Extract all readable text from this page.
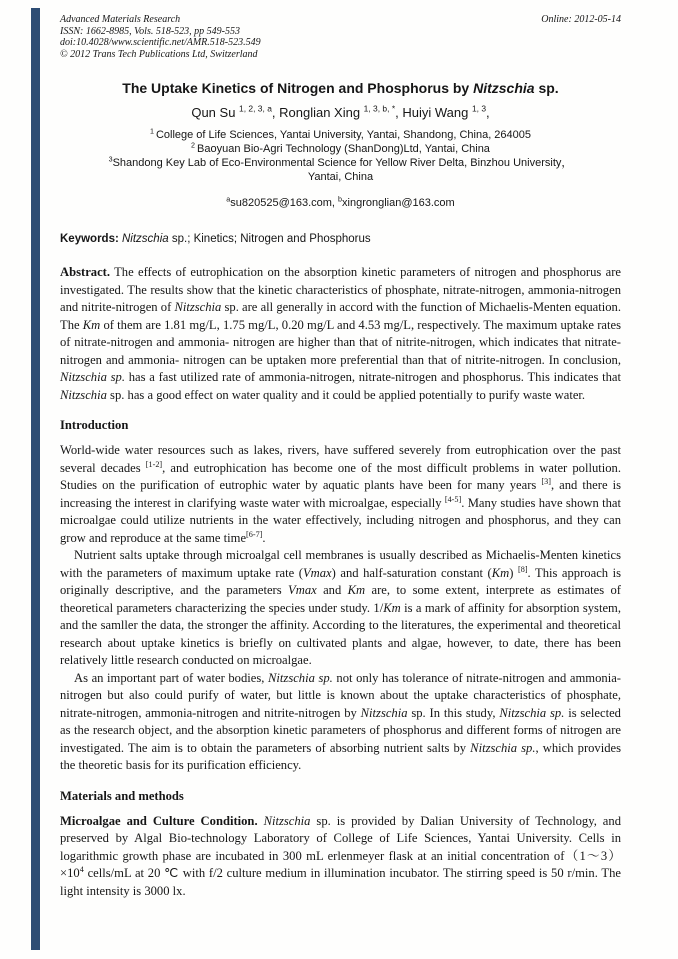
Advanced Materials Research
ISSN: 1662-8985, Vols. 518-523, pp 549-553
doi:10.4028/www.scientific.net/AMR.518-523.549
© 2012 Trans Tech Publications Ltd, Switzerland
Online: 2012-05-14
The Uptake Kinetics of Nitrogen and Phosphorus by Nitzschia sp.

Qun Su $^{1, 2, 3, a}$, Ronglian Xing $^{1, 3, b, *}$, Huiyi Wang $^{1, 3}$,

$^1$ College of Life Sciences, Yantai University, Yantai, Shandong, China, 264005

$^2$ Baoyuan Bio-Agri Technology (ShanDong)Ltd, Yantai, China

$^3$Shandong Key Lab of Eco-Environmental Science for Yellow River Delta, Binzhou University，
Yantai, China

$^a$su820525@163.com, $^b$xingronglian@163.com

Keywords: Nitzschia sp.; Kinetics; Nitrogen and Phosphorus

Abstract. The effects of eutrophication on the absorption kinetic parameters of nitrogen and phosphorus are investigated. The results show that the kinetic characteristics of phosphate, nitrate-nitrogen, ammonia-nitrogen and nitrite-nitrogen of Nitzschia sp. are all generally in accord with the function of Michaelis-Menten equation. The Km of them are 1.81 mg/L, 1.75 mg/L, 0.20 mg/L and 4.53 mg/L, respectively. The maximum uptake rates of nitrate-nitrogen and ammonia- nitrogen are higher than that of nitrite-nitrogen, which indicates that nitrate-nitrogen and ammonia- nitrogen can be uptaken more preferential than that of nitrite-nitrogen. In conclusion, Nitzschia sp. has a fast utilized rate of ammonia-nitrogen, nitrate-nitrogen and phosphorus. This indicates that Nitzschia sp. has a good effect on water quality and it could be applied potentially to purify waste water.

Introduction

World-wide water resources such as lakes, rivers, have suffered severely from eutrophication over the past several decades [1-2], and eutrophication has become one of the most difficult problems in water pollution. Studies on the purification of eutrophic water by aquatic plants have been for many years [3], and there is increasing the interest in clarifying waste water with microalgae, especially [4-5]. Many studies have shown that microalgae could utilize nutrients in the water effectively, including nitrogen and phosphorus, and they can grow and reproduce at the same time[6-7].

Nutrient salts uptake through microalgal cell membranes is usually described as Michaelis-Menten kinetics with the parameters of maximum uptake rate (Vmax) and half-saturation constant (Km) [8]. This approach is originally descriptive, and the parameters Vmax and Km are, to some extent, interprete as estimates of theoretical parameters characterizing the species under study. 1/Km is a mark of affinity for absorption system, and the samller the data, the stronger the affinity. According to the literatures, the experimental and theoretical research about uptake kinetics is briefly on cultivated plants and algae, however, to date, there has been relatively little research conducted on microalgae.

As an important part of water bodies, Nitzschia sp. not only has tolerance of nitrate-nitrogen and ammonia-nitrogen but also could purify of water, but little is known about the uptake characteristics of phosphate, nitrate-nitrogen, ammonia-nitrogen and nitrite-nitrogen by Nitzschia sp. In this study, Nitzschia sp. is selected as the research object, and the absorption kinetic parameters of phosphorus and different forms of nitrogen are investigated. The aim is to obtain the parameters of absorbing nutrient salts by Nitzschia sp., which provides the theoretic basis for its purification efficiency.

Materials and methods

Microalgae and Culture Condition. Nitzschia sp. is provided by Dalian University of Technology, and preserved by Algal Bio-technology Laboratory of College of Life Sciences, Yantai University. Cells in logarithmic growth phase are incubated in 300 mL erlenmeyer flask at an initial concentration $of(1\sim 3)\times 10^4$ cells/mL at 20 ℃ with f/2 culture medium in illumination incubator. The stirring speed is 50 r/min. The light intensity is 3000 lx.
